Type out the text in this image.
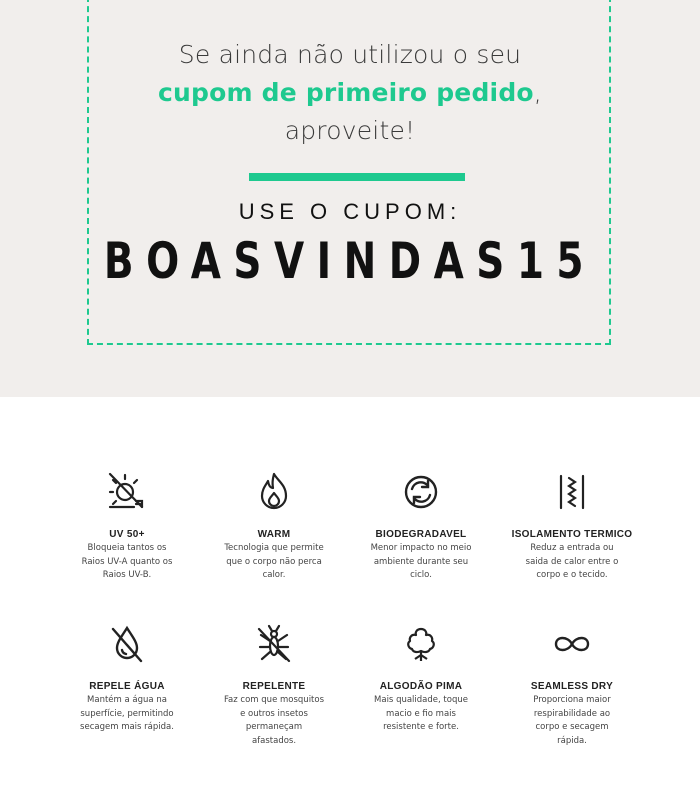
Se ainda não utilizou o seu
cupom de primeiro pedido,
aproveite!
USE O CUPOM:
BOASVINDAS15
UV 50+
Bloqueia tantos os
Raios UV-A quanto os
Raios UV-B.
WARM
Tecnologia que permite
que o corpo não perca
calor.
BIODEGRADAVEL
Menor impacto no meio
ambiente durante seu
ciclo.
ISOLAMENTO TERMICO
Reduz a entrada ou
saida de calor entre o
corpo e o tecido.
REPELE ÁGUA
Mantém a água na
superfície, permitindo
secagem mais rápida.
REPELENTE
Faz com que mosquitos
e outros insetos
permaneçam
afastados.
ALGODÃO PIMA
Mais qualidade, toque
macio e fio mais
resistente e forte.
SEAMLESS DRY
Proporciona maior
respirabilidade ao
corpo e secagem
rápida.
